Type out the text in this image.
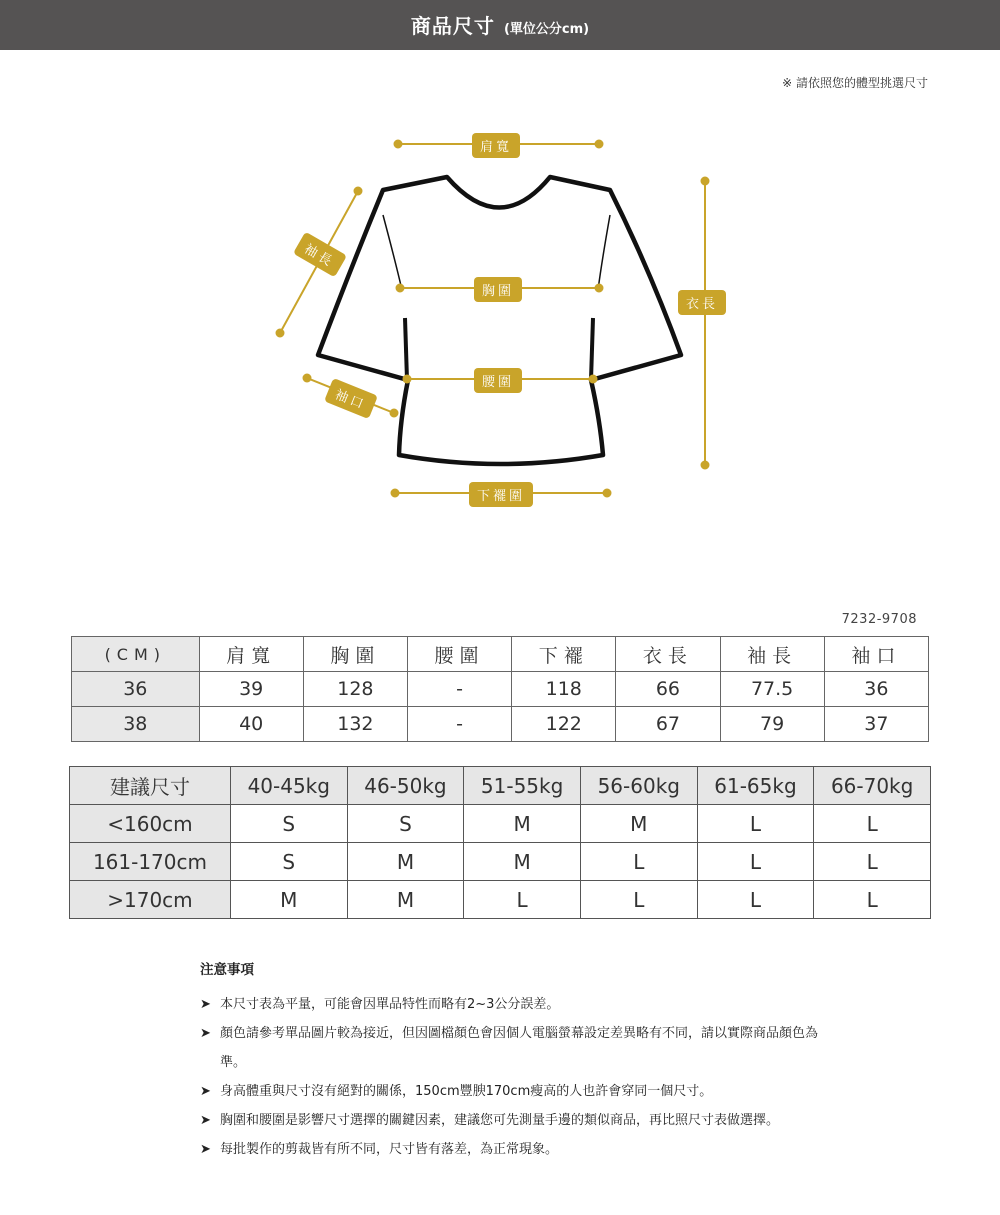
商品尺寸 (單位公分cm)
※ 請依照您的體型挑選尺寸
肩寬
袖長
胸圍
衣長
腰圍
袖口
下襬圍
7232-9708
(CM)	肩寬	胸圍	腰圍	下襬	衣長	袖長	袖口
36	39	128	-	118	66	77.5	36
38	40	132	-	122	67	79	37
建議尺寸	40-45kg	46-50kg	51-55kg	56-60kg	61-65kg	66-70kg
<160cm	S	S	M	M	L	L
161-170cm	S	M	M	L	L	L
>170cm	M	M	L	L	L	L
注意事項
➤ 本尺寸表為平量，可能會因單品特性而略有2~3公分誤差。
➤ 顏色請參考單品圖片較為接近，但因圖檔顏色會因個人電腦螢幕設定差異略有不同，請以實際商品顏色為準。
➤ 身高體重與尺寸沒有絕對的關係，150cm豐腴170cm瘦高的人也許會穿同一個尺寸。
➤ 胸圍和腰圍是影響尺寸選擇的關鍵因素，建議您可先測量手邊的類似商品，再比照尺寸表做選擇。
➤ 每批製作的剪裁皆有所不同，尺寸皆有落差，為正常現象。
